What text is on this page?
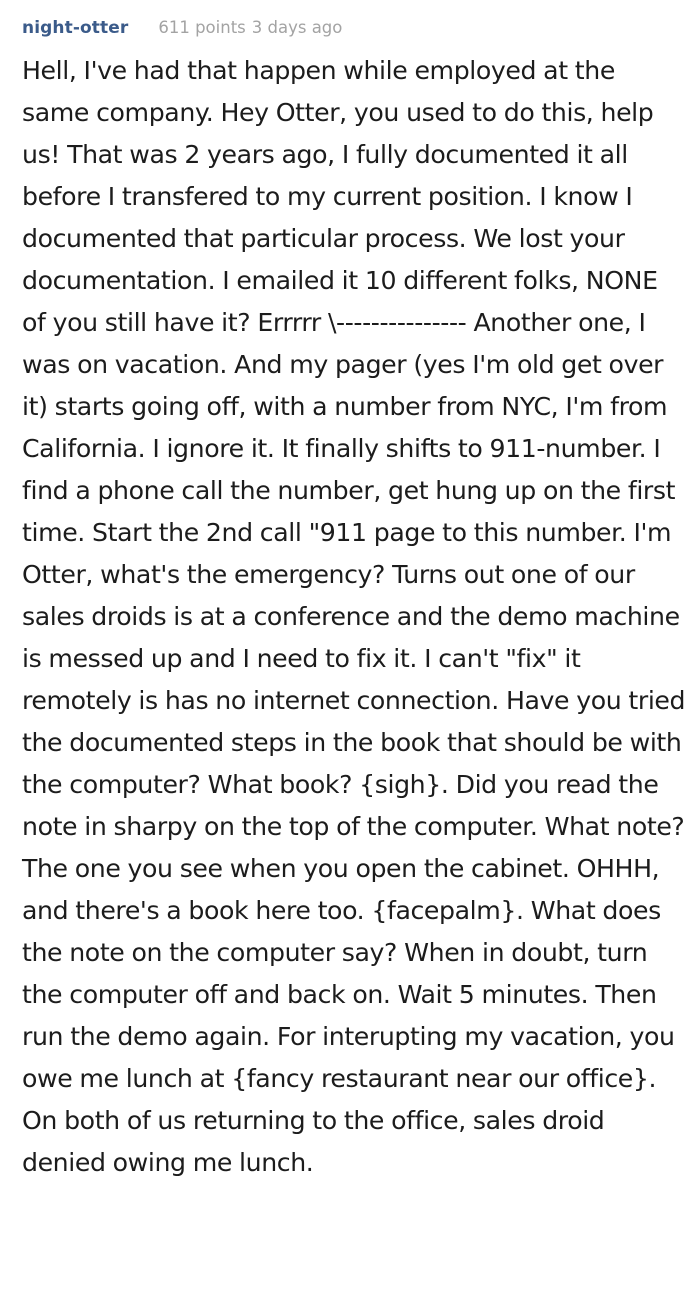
night-otter 611 points 3 days ago
Hell, I've had that happen while employed at the same company. Hey Otter, you used to do this, help us! That was 2 years ago, I fully documented it all before I transfered to my current position. I know I documented that particular process. We lost your documentation. I emailed it 10 different folks, NONE of you still have it? Errrrr \--------------- Another one, I was on vacation. And my pager (yes I'm old get over it) starts going off, with a number from NYC, I'm from California. I ignore it. It finally shifts to 911-number. I find a phone call the number, get hung up on the first time. Start the 2nd call "911 page to this number. I'm Otter, what's the emergency? Turns out one of our sales droids is at a conference and the demo machine is messed up and I need to fix it. I can't "fix" it remotely is has no internet connection. Have you tried the documented steps in the book that should be with the computer? What book? {sigh}. Did you read the note in sharpy on the top of the computer. What note? The one you see when you open the cabinet. OHHH, and there's a book here too. {facepalm}. What does the note on the computer say? When in doubt, turn the computer off and back on. Wait 5 minutes. Then run the demo again. For interupting my vacation, you owe me lunch at {fancy restaurant near our office}. On both of us returning to the office, sales droid denied owing me lunch.
